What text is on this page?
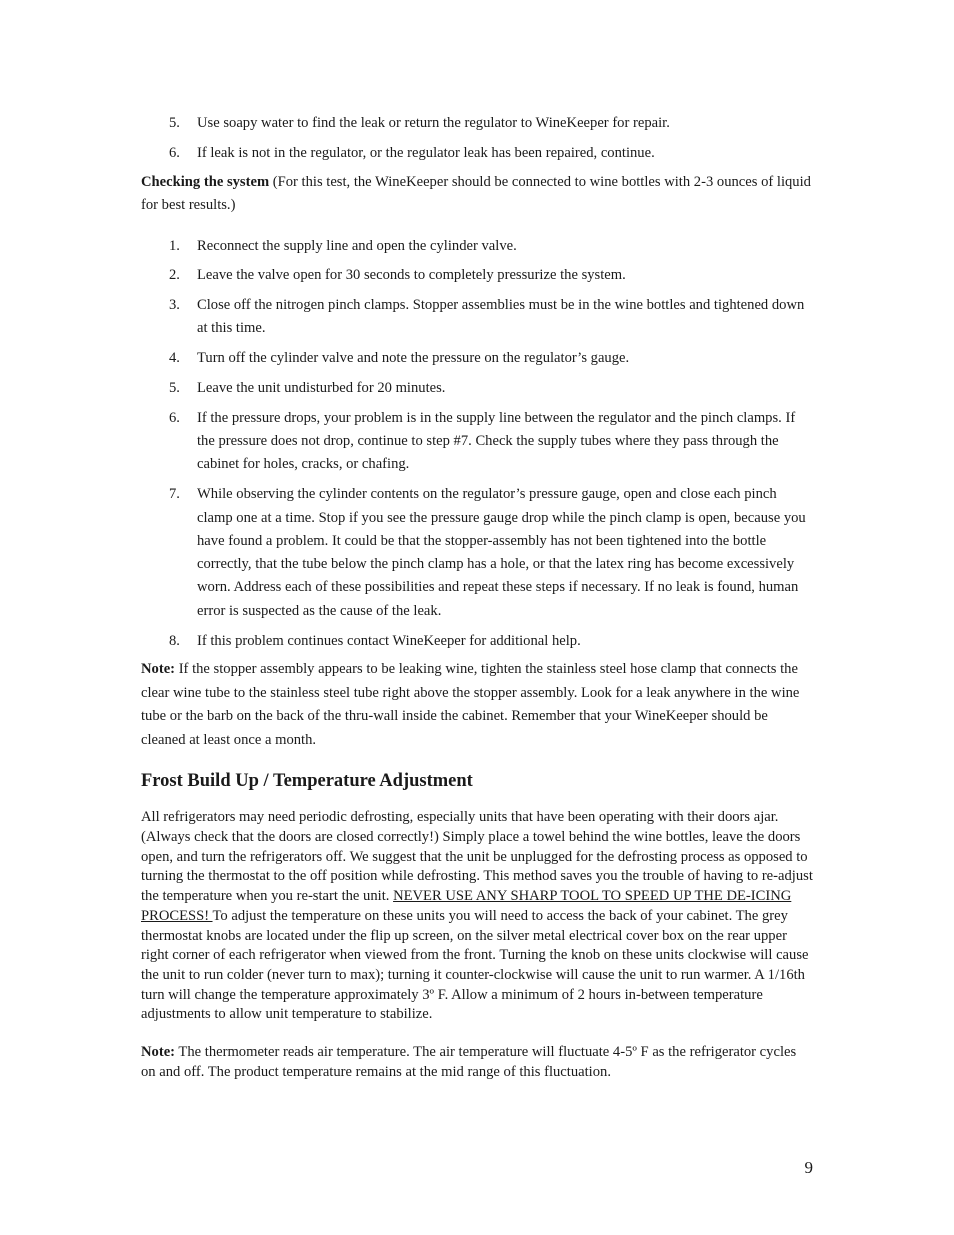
5. Use soapy water to find the leak or return the regulator to WineKeeper for repair.
6. If leak is not in the regulator, or the regulator leak has been repaired, continue.

Checking the system (For this test, the WineKeeper should be connected to wine bottles with 2-3 ounces of liquid for best results.)

1. Reconnect the supply line and open the cylinder valve.
2. Leave the valve open for 30 seconds to completely pressurize the system.
3. Close off the nitrogen pinch clamps. Stopper assemblies must be in the wine bottles and tightened down at this time.
4. Turn off the cylinder valve and note the pressure on the regulator’s gauge.
5. Leave the unit undisturbed for 20 minutes.
6. If the pressure drops, your problem is in the supply line between the regulator and the pinch clamps. If the pressure does not drop, continue to step #7. Check the supply tubes where they pass through the cabinet for holes, cracks, or chafing.
7. While observing the cylinder contents on the regulator’s pressure gauge, open and close each pinch clamp one at a time. Stop if you see the pressure gauge drop while the pinch clamp is open, because you have found a problem. It could be that the stopper-assembly has not been tightened into the bottle correctly, that the tube below the pinch clamp has a hole, or that the latex ring has become excessively worn. Address each of these possibilities and repeat these steps if necessary. If no leak is found, human error is suspected as the cause of the leak.
8. If this problem continues contact WineKeeper for additional help.

Note: If the stopper assembly appears to be leaking wine, tighten the stainless steel hose clamp that connects the clear wine tube to the stainless steel tube right above the stopper assembly. Look for a leak anywhere in the wine tube or the barb on the back of the thru-wall inside the cabinet. Remember that your WineKeeper should be cleaned at least once a month.

Frost Build Up / Temperature Adjustment

All refrigerators may need periodic defrosting, especially units that have been operating with their doors ajar. (Always check that the doors are closed correctly!) Simply place a towel behind the wine bottles, leave the doors open, and turn the refrigerators off. We suggest that the unit be unplugged for the defrosting process as opposed to turning the thermostat to the off position while defrosting. This method saves you the trouble of having to re-adjust the temperature when you re-start the unit. NEVER USE ANY SHARP TOOL TO SPEED UP THE DE-ICING PROCESS! To adjust the temperature on these units you will need to access the back of your cabinet. The grey thermostat knobs are located under the flip up screen, on the silver metal electrical cover box on the rear upper right corner of each refrigerator when viewed from the front. Turning the knob on these units clockwise will cause the unit to run colder (never turn to max); turning it counter-clockwise will cause the unit to run warmer. A 1/16th turn will change the temperature approximately 3º F. Allow a minimum of 2 hours in-between temperature adjustments to allow unit temperature to stabilize.

Note: The thermometer reads air temperature. The air temperature will fluctuate 4-5º F as the refrigerator cycles on and off. The product temperature remains at the mid range of this fluctuation.

9
